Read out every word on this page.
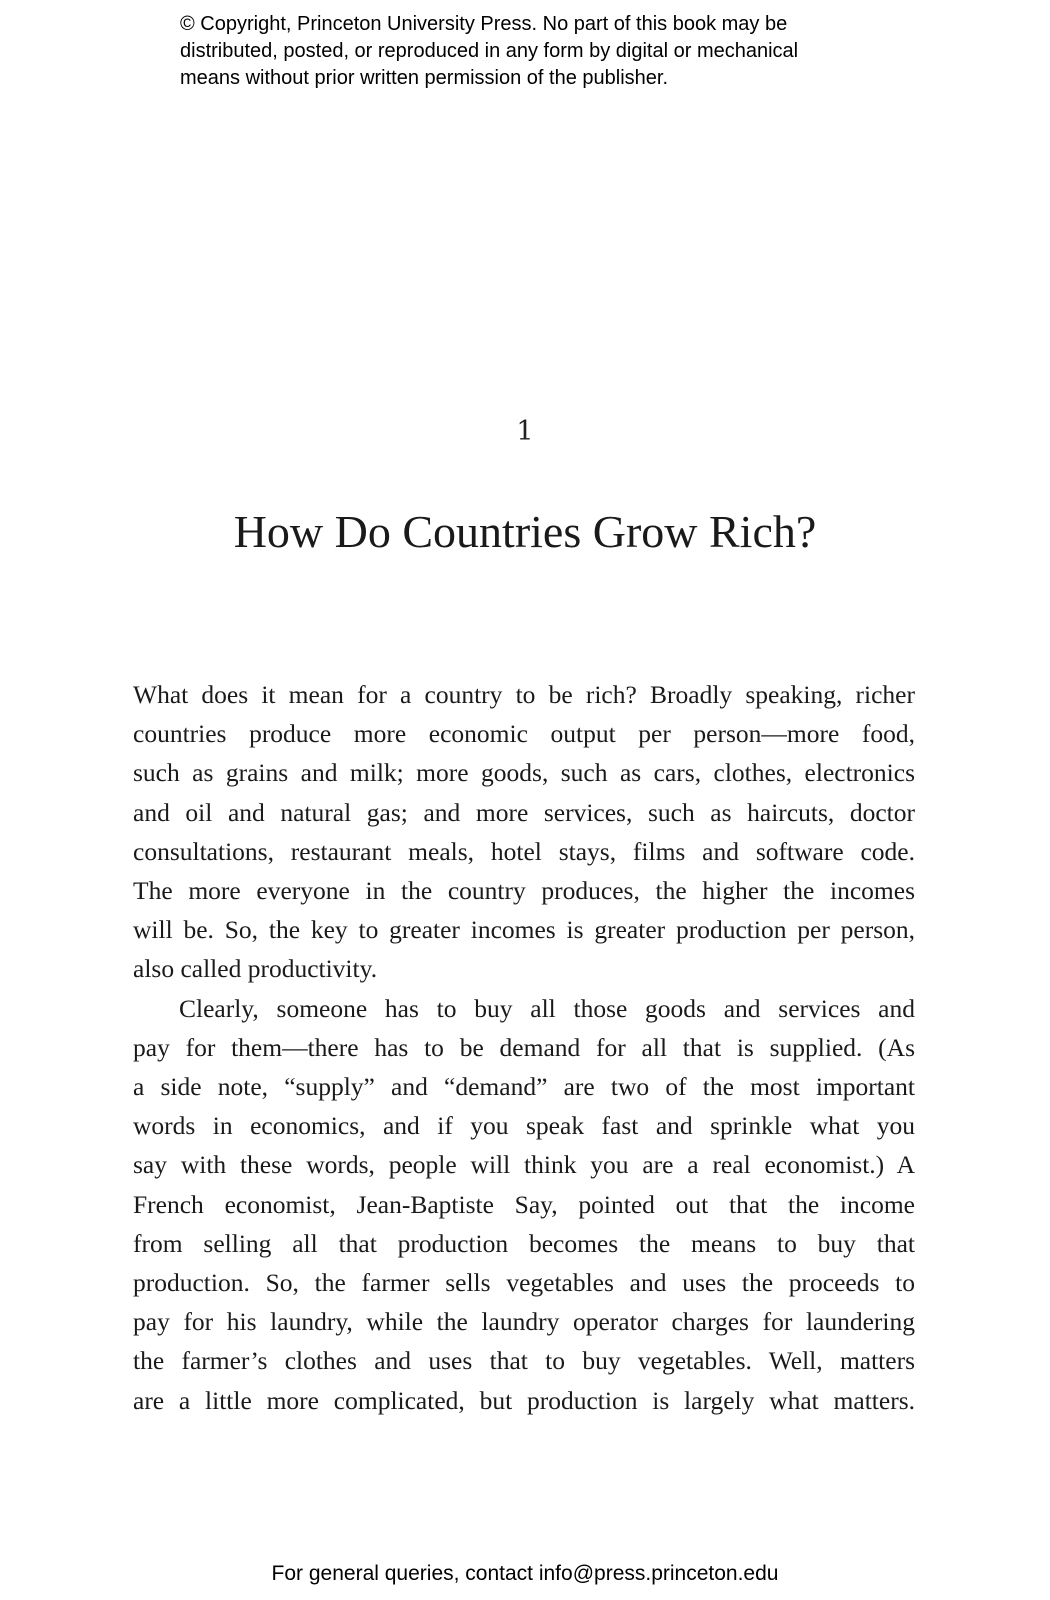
© Copyright, Princeton University Press. No part of this book may be
distributed, posted, or reproduced in any form by digital or mechanical
means without prior written permission of the publisher.
1
How Do Countries Grow Rich?

What does it mean for a country to be rich? Broadly speaking, richer
countries produce more economic output per person—more food,
such as grains and milk; more goods, such as cars, clothes, electronics
and oil and natural gas; and more services, such as haircuts, doctor
consultations, restaurant meals, hotel stays, films and software code.
The more everyone in the country produces, the higher the incomes
will be. So, the key to greater incomes is greater production per person,
also called productivity.

Clearly, someone has to buy all those goods and services and
pay for them—there has to be demand for all that is supplied. (As
a side note, “supply” and “demand” are two of the most important
words in economics, and if you speak fast and sprinkle what you
say with these words, people will think you are a real economist.) A
French economist, Jean-Baptiste Say, pointed out that the income
from selling all that production becomes the means to buy that
production. So, the farmer sells vegetables and uses the proceeds to
pay for his laundry, while the laundry operator charges for laundering
the farmer’s clothes and uses that to buy vegetables. Well, matters
are a little more complicated, but production is largely what matters.

For general queries, contact info@press.princeton.edu
